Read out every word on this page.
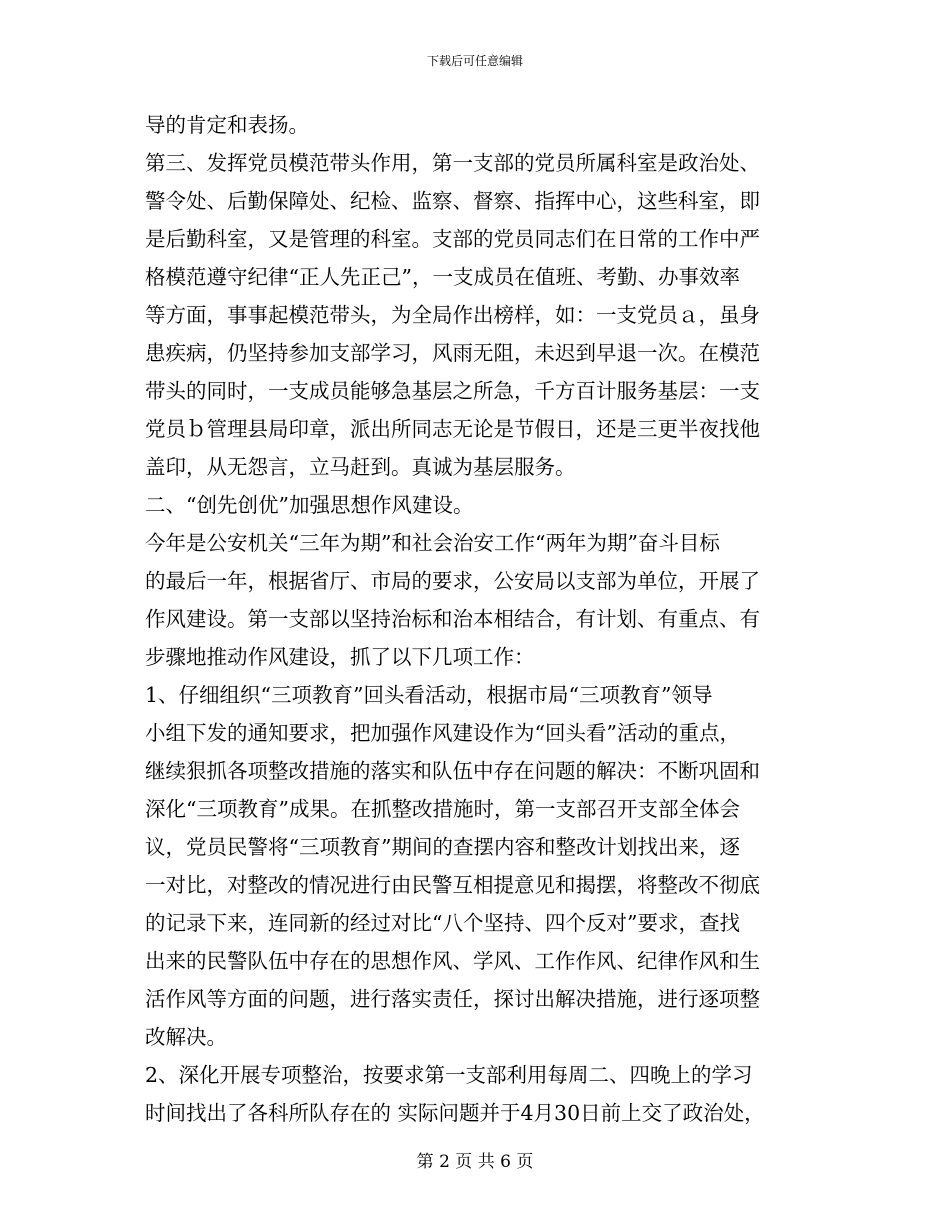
下载后可任意编辑
导的肯定和表扬。
第三、发挥党员模范带头作用，第一支部的党员所属科室是政治处、
警令处、后勤保障处、纪检、监察、督察、指挥中心，这些科室，即
是后勤科室，又是管理的科室。支部的党员同志们在日常的工作中严
格模范遵守纪律“正人先正己”，一支成员在值班、考勤、办事效率
等方面，事事起模范带头，为全局作出榜样，如：一支党员ａ，虽身
患疾病，仍坚持参加支部学习，风雨无阻，未迟到早退一次。在模范
带头的同时，一支成员能够急基层之所急，千方百计服务基层：一支
党员ｂ管理县局印章，派出所同志无论是节假日，还是三更半夜找他
盖印，从无怨言，立马赶到。真诚为基层服务。
二、“创先创优”加强思想作风建设。
今年是公安机关“三年为期”和社会治安工作“两年为期”奋斗目标
的最后一年，根据省厅、市局的要求，公安局以支部为单位，开展了
作风建设。第一支部以坚持治标和治本相结合，有计划、有重点、有
步骤地推动作风建设，抓了以下几项工作：
1、仔细组织“三项教育”回头看活动，根据市局“三项教育”领导
小组下发的通知要求，把加强作风建设作为“回头看”活动的重点，
继续狠抓各项整改措施的落实和队伍中存在问题的解决：不断巩固和
深化“三项教育”成果。在抓整改措施时，第一支部召开支部全体会
议，党员民警将“三项教育”期间的查摆内容和整改计划找出来，逐
一对比，对整改的情况进行由民警互相提意见和揭摆，将整改不彻底
的记录下来，连同新的经过对比“八个坚持、四个反对”要求，查找
出来的民警队伍中存在的思想作风、学风、工作作风、纪律作风和生
活作风等方面的问题，进行落实责任，探讨出解决措施，进行逐项整
改解决。
2、深化开展专项整治，按要求第一支部利用每周二、四晚上的学习
时间找出了各科所队存在的 实际问题并于4月30日前上交了政治处，
第 2 页 共 6 页
